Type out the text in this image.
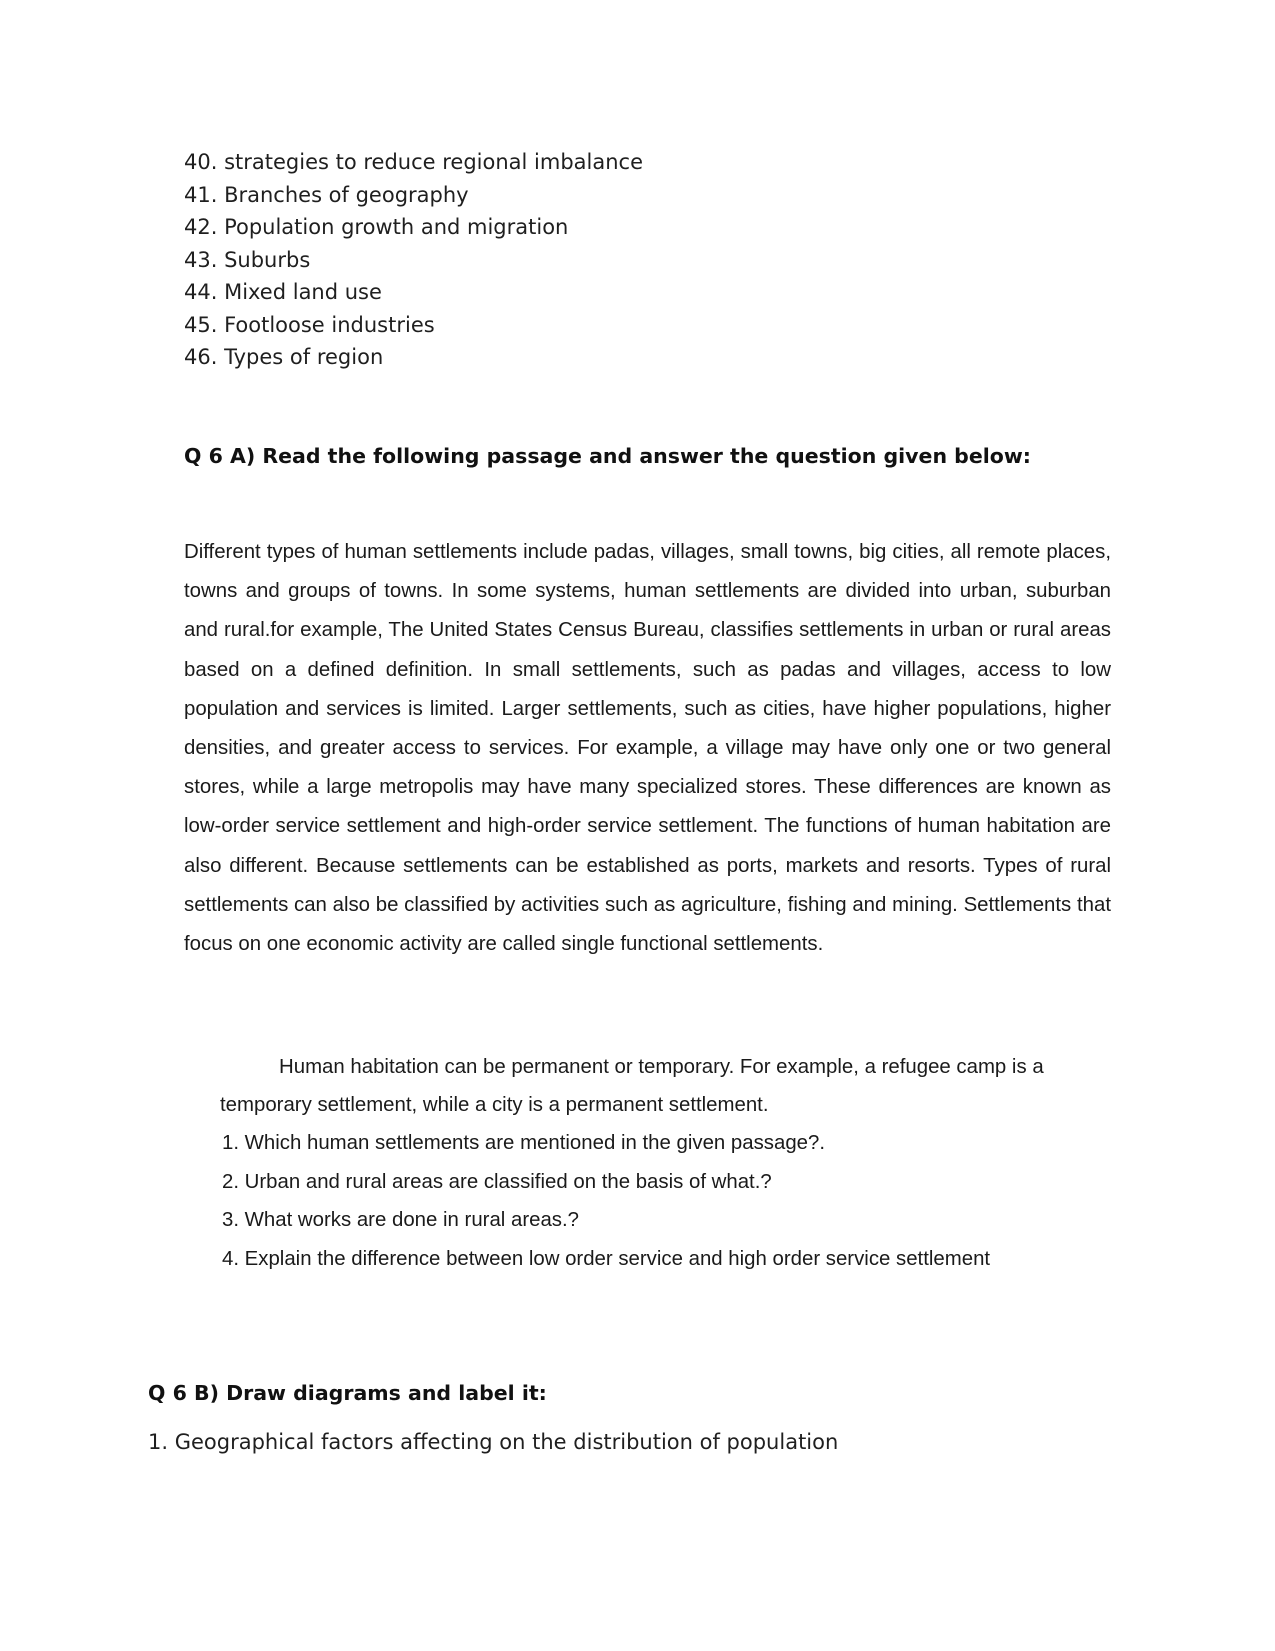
40. strategies to reduce regional imbalance
41. Branches of geography
42. Population growth and migration
43. Suburbs
44. Mixed land use
45. Footloose industries
46. Types of region
Q 6 A) Read the following passage and answer the question given below:

Different types of human settlements include padas, villages, small towns, big cities, all remote places, towns and groups of towns. In some systems, human settlements are divided into urban, suburban and rural.for example, The United States Census Bureau, classifies settlements in urban or rural areas based on a defined definition. In small settlements, such as padas and villages, access to low population and services is limited. Larger settlements, such as cities, have higher populations, higher densities, and greater access to services. For example, a village may have only one or two general stores, while a large metropolis may have many specialized stores. These differences are known as low-order service settlement and high-order service settlement. The functions of human habitation are also different. Because settlements can be established as ports, markets and resorts. Types of rural settlements can also be classified by activities such as agriculture, fishing and mining. Settlements that focus on one economic activity are called single functional settlements.

Human habitation can be permanent or temporary. For example, a refugee camp is a temporary settlement, while a city is a permanent settlement.

1. Which human settlements are mentioned in the given passage?.
2. Urban and rural areas are classified on the basis of what.?
3. What works are done in rural areas.?
4. Explain the difference between low order service and high order service settlement
Q 6 B) Draw diagrams and label it:

1. Geographical factors affecting on the distribution of population
